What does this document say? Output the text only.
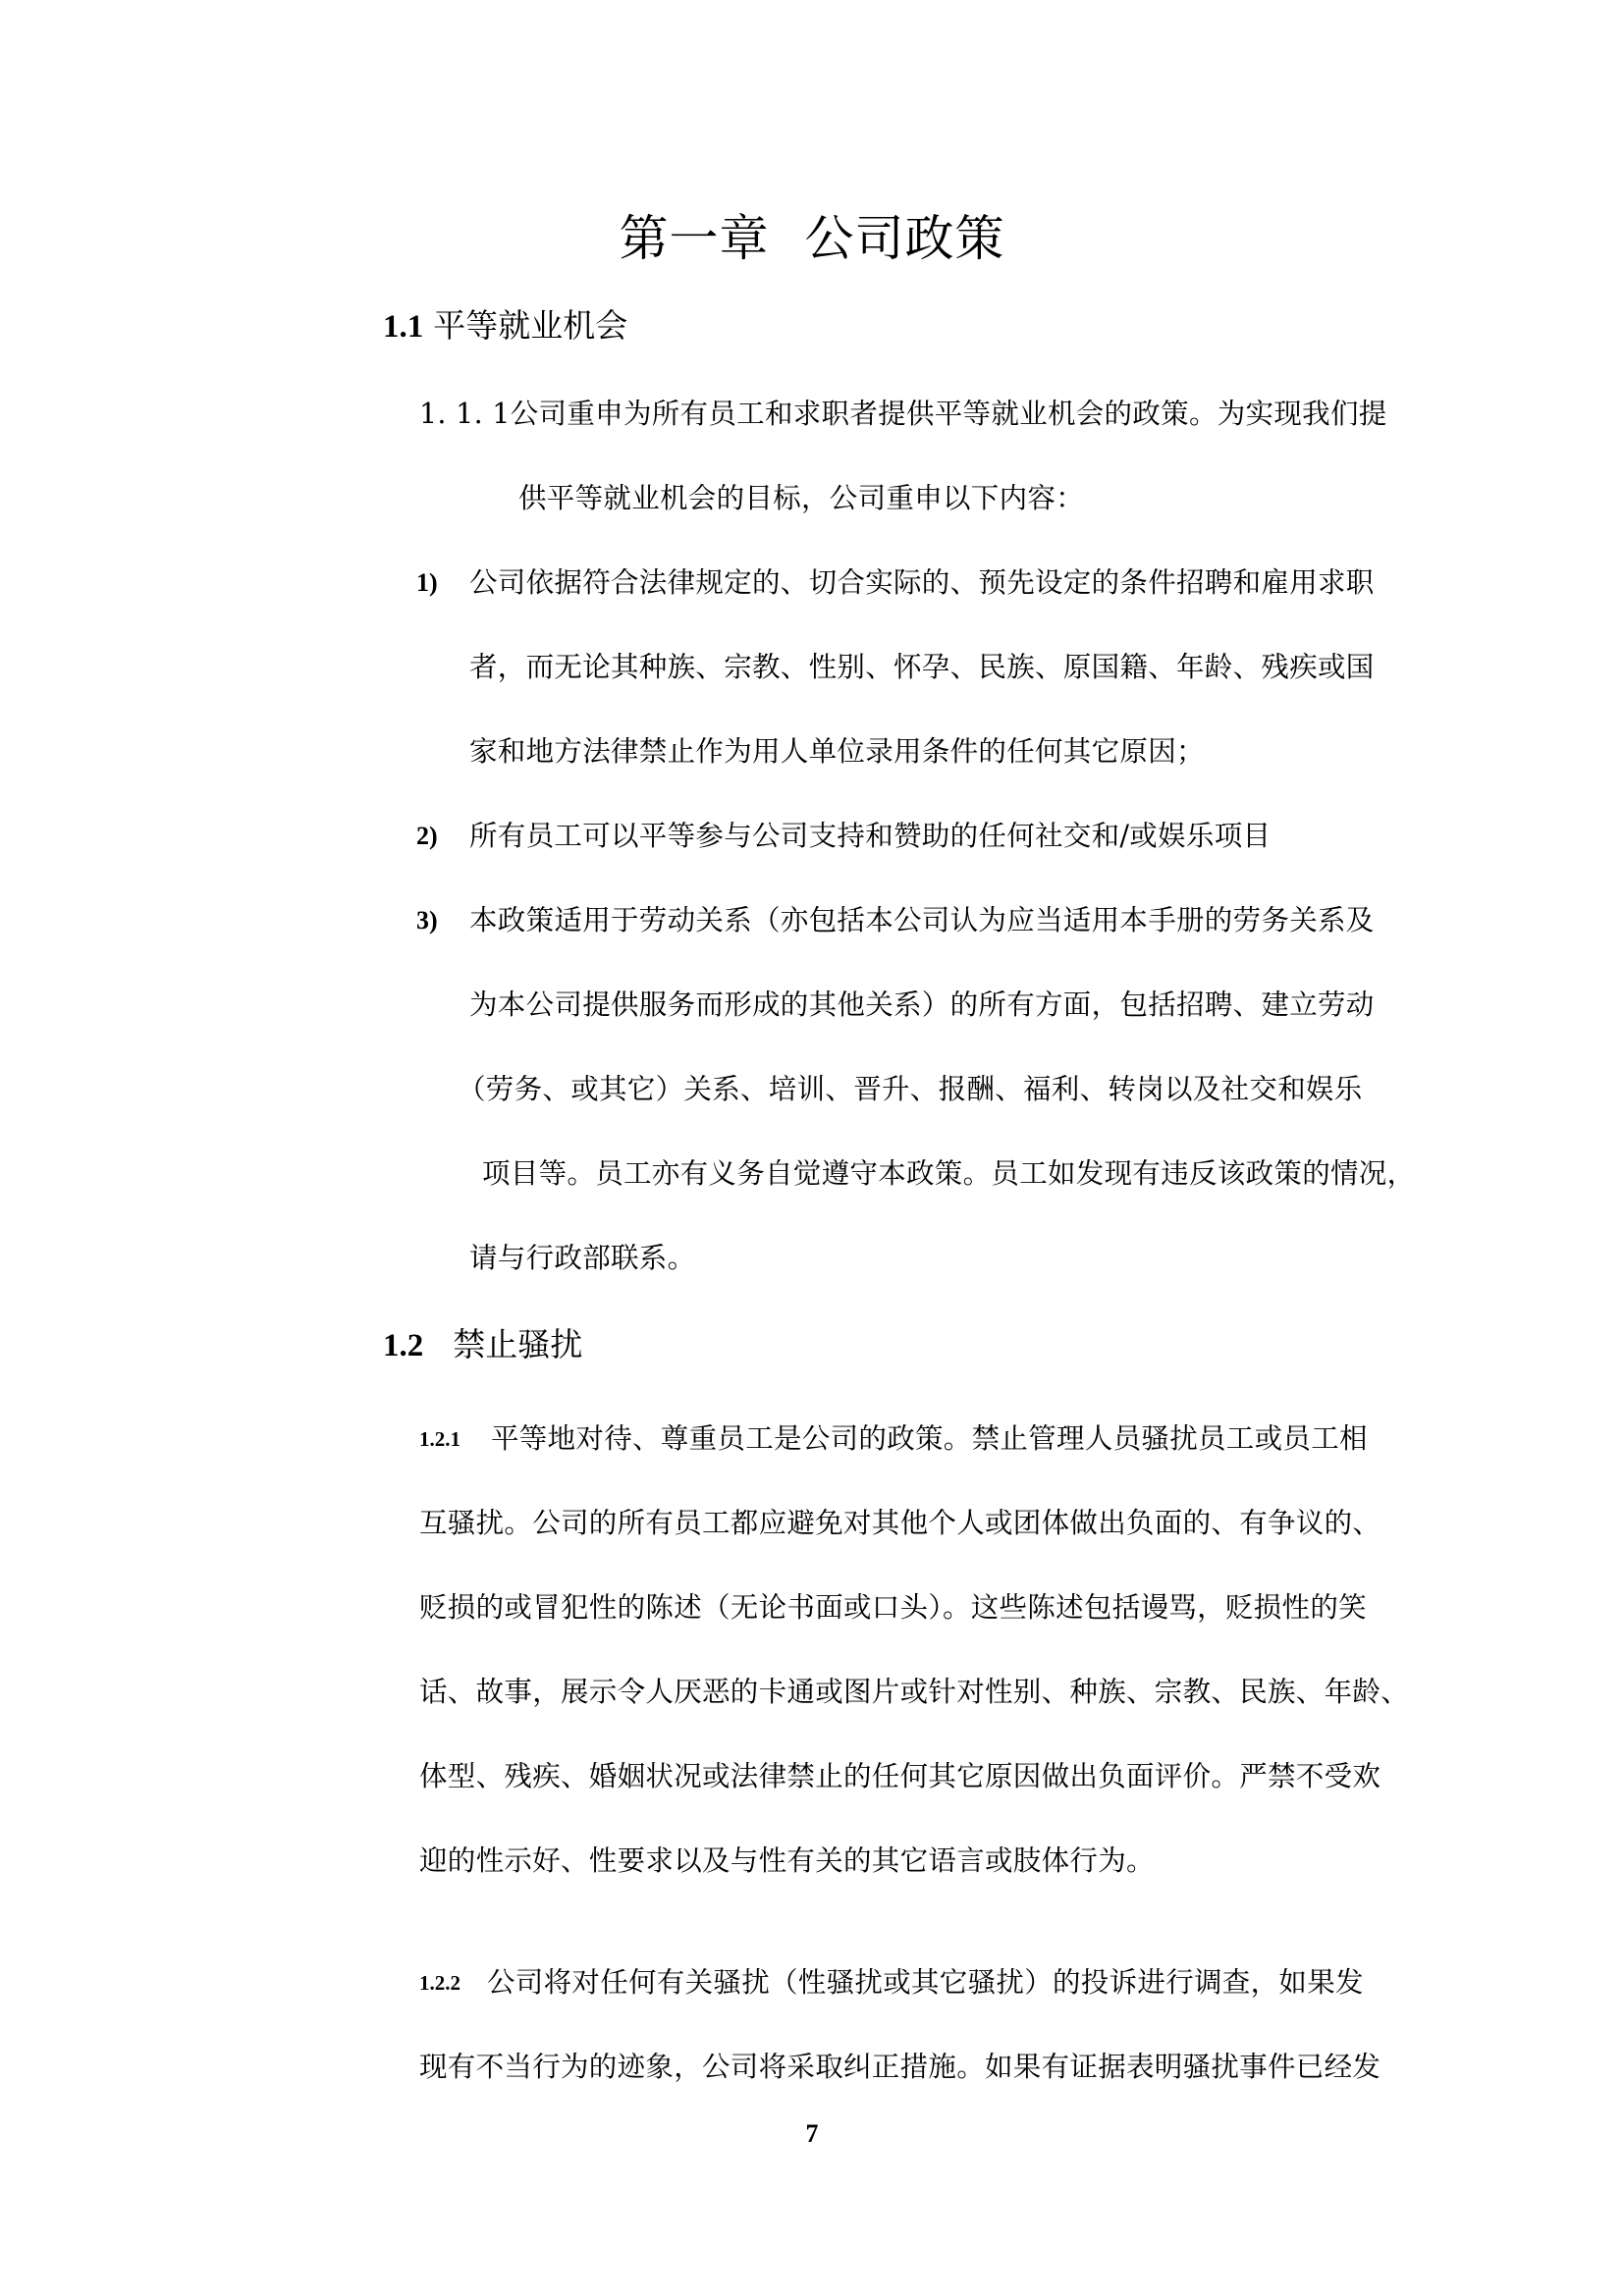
第一章 公司政策
1.1 平等就业机会
1. 1. 1公司重申为所有员工和求职者提供平等就业机会的政策。为实现我们提
供平等就业机会的目标，公司重申以下内容：
1) 公司依据符合法律规定的、切合实际的、预先设定的条件招聘和雇用求职
者，而无论其种族、宗教、性别、怀孕、民族、原国籍、年龄、残疾或国
家和地方法律禁止作为用人单位录用条件的任何其它原因；
2) 所有员工可以平等参与公司支持和赞助的任何社交和/或娱乐项目
3) 本政策适用于劳动关系（亦包括本公司认为应当适用本手册的劳务关系及
为本公司提供服务而形成的其他关系）的所有方面，包括招聘、建立劳动
（劳务、或其它）关系、培训、晋升、报酬、福利、转岗以及社交和娱乐
项目等。员工亦有义务自觉遵守本政策。员工如发现有违反该政策的情况，
请与行政部联系。
1.2 禁止骚扰
1.2.1 平等地对待、尊重员工是公司的政策。禁止管理人员骚扰员工或员工相
互骚扰。公司的所有员工都应避免对其他个人或团体做出负面的、有争议的、
贬损的或冒犯性的陈述（无论书面或口头）。这些陈述包括谩骂，贬损性的笑
话、故事，展示令人厌恶的卡通或图片或针对性别、种族、宗教、民族、年龄、
体型、残疾、婚姻状况或法律禁止的任何其它原因做出负面评价。严禁不受欢
迎的性示好、性要求以及与性有关的其它语言或肢体行为。
1.2.2 公司将对任何有关骚扰（性骚扰或其它骚扰）的投诉进行调查，如果发
现有不当行为的迹象，公司将采取纠正措施。如果有证据表明骚扰事件已经发
7
